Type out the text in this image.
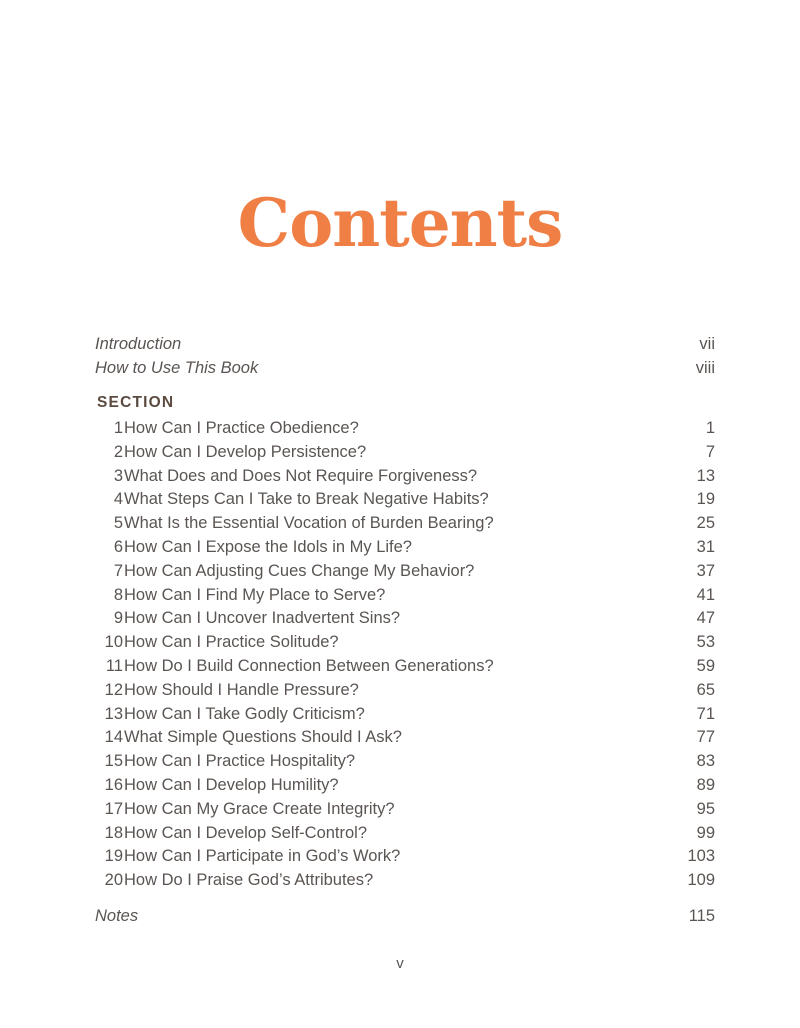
Contents
Introduction	vii
How to Use This Book	viii
SECTION
1 How Can I Practice Obedience?	1
2 How Can I Develop Persistence?	7
3 What Does and Does Not Require Forgiveness?	13
4 What Steps Can I Take to Break Negative Habits?	19
5 What Is the Essential Vocation of Burden Bearing?	25
6 How Can I Expose the Idols in My Life?	31
7 How Can Adjusting Cues Change My Behavior?	37
8 How Can I Find My Place to Serve?	41
9 How Can I Uncover Inadvertent Sins?	47
10 How Can I Practice Solitude?	53
11 How Do I Build Connection Between Generations?	59
12 How Should I Handle Pressure?	65
13 How Can I Take Godly Criticism?	71
14 What Simple Questions Should I Ask?	77
15 How Can I Practice Hospitality?	83
16 How Can I Develop Humility?	89
17 How Can My Grace Create Integrity?	95
18 How Can I Develop Self-Control?	99
19 How Can I Participate in God’s Work?	103
20 How Do I Praise God’s Attributes?	109
Notes	115
v
